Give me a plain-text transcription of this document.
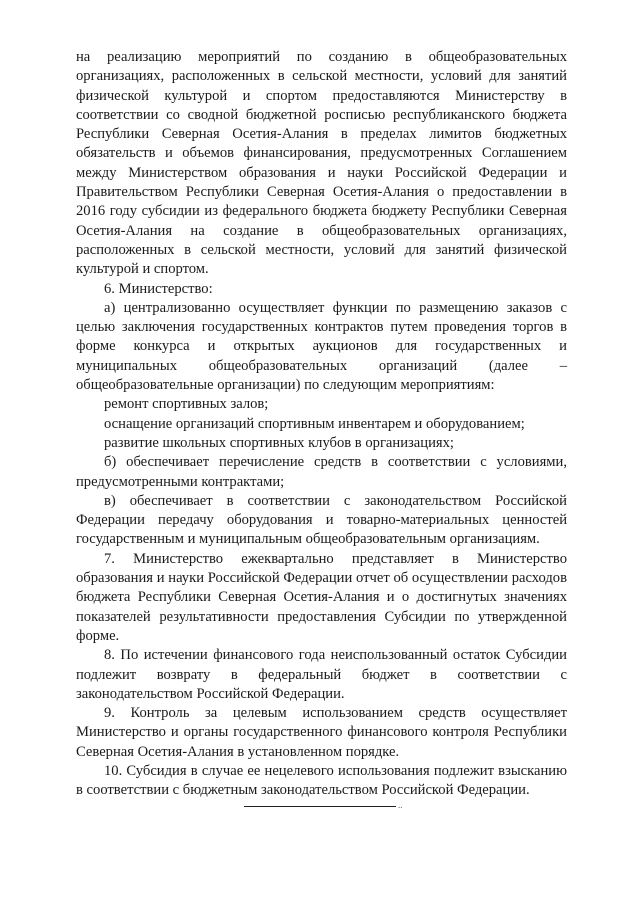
на реализацию мероприятий по созданию в общеобразовательных организациях, расположенных в сельской местности, условий для занятий физической культурой и спортом предоставляются Министерству в соответствии со сводной бюджетной росписью республиканского бюджета Республики Северная Осетия-Алания в пределах лимитов бюджетных обязательств и объемов финансирования, предусмотренных Соглашением между Министерством образования и науки Российской Федерации и Правительством Республики Северная Осетия-Алания о предоставлении в 2016 году субсидии из федерального бюджета бюджету Республики Северная Осетия-Алания на создание в общеобразовательных организациях, расположенных в сельской местности, условий для занятий физической культурой и спортом.

6. Министерство:

а) централизованно осуществляет функции по размещению заказов с целью заключения государственных контрактов путем проведения торгов в форме конкурса и открытых аукционов для государственных и муниципальных общеобразовательных организаций (далее – общеобразовательные организации) по следующим мероприятиям:

ремонт спортивных залов;

оснащение организаций спортивным инвентарем и оборудованием;

развитие школьных спортивных клубов в организациях;

б) обеспечивает перечисление средств в соответствии с условиями, предусмотренными контрактами;

в) обеспечивает в соответствии с законодательством Российской Федерации передачу оборудования и товарно-материальных ценностей государственным и муниципальным общеобразовательным организациям.

7. Министерство ежеквартально представляет в Министерство образования и науки Российской Федерации отчет об осуществлении расходов бюджета Республики Северная Осетия-Алания и о достигнутых значениях показателей результативности предоставления Субсидии по утвержденной форме.

8. По истечении финансового года неиспользованный остаток Субсидии подлежит возврату в федеральный бюджет в соответствии с законодательством Российской Федерации.

9. Контроль за целевым использованием средств осуществляет Министерство и органы государственного финансового контроля Республики Северная Осетия-Алания в установленном порядке.

10. Субсидия в случае ее нецелевого использования подлежит взысканию в соответствии с бюджетным законодательством Российской Федерации.

..
